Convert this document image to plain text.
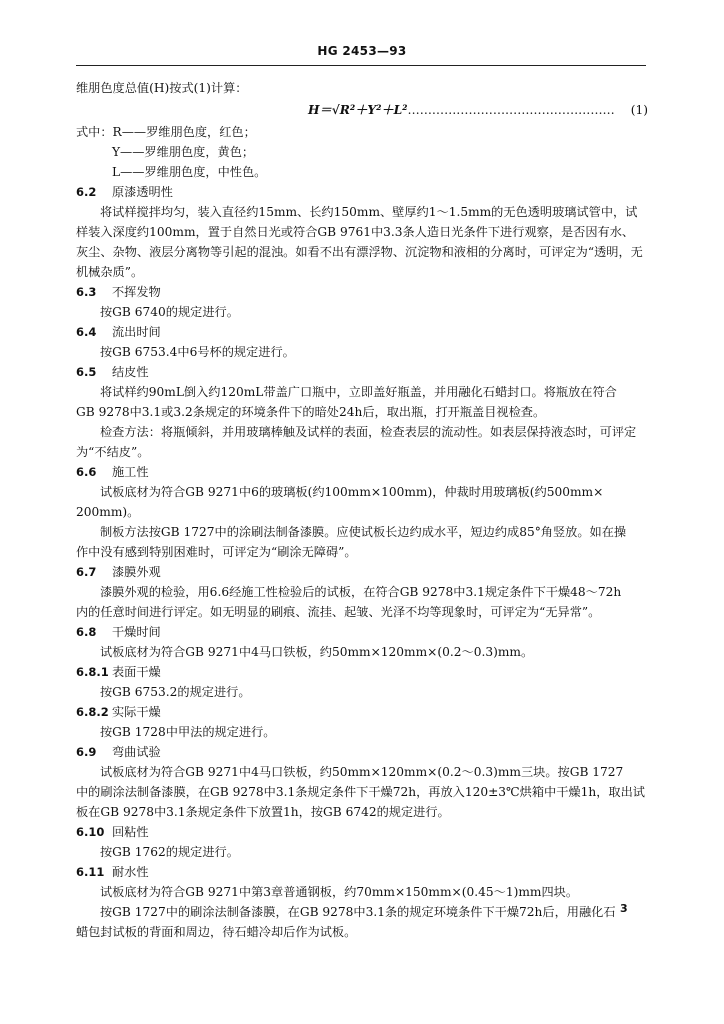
HG 2453—93
维朋色度总值(H)按式(1)计算：
H＝√R²＋Y²＋L²…………………………………………… (1)
式中：R——罗维朋色度，红色；
Y——罗维朋色度，黄色；
L——罗维朋色度，中性色。
6.2 原漆透明性
将试样搅拌均匀，装入直径约15mm、长约150mm、壁厚约1～1.5mm的无色透明玻璃试管中，试
样装入深度约100mm，置于自然日光或符合GB 9761中3.3条人造日光条件下进行观察，是否因有水、
灰尘、杂物、液层分离物等引起的混浊。如看不出有漂浮物、沉淀物和液相的分离时，可评定为“透明，无
机械杂质”。
6.3 不挥发物
按GB 6740的规定进行。
6.4 流出时间
按GB 6753.4中6号杯的规定进行。
6.5 结皮性
将试样约90mL倒入约120mL带盖广口瓶中，立即盖好瓶盖，并用融化石蜡封口。将瓶放在符合
GB 9278中3.1或3.2条规定的环境条件下的暗处24h后，取出瓶，打开瓶盖目视检查。
检查方法：将瓶倾斜，并用玻璃棒触及试样的表面，检查表层的流动性。如表层保持液态时，可评定
为“不结皮”。
6.6 施工性
试板底材为符合GB 9271中6的玻璃板(约100mm×100mm)，仲裁时用玻璃板(约500mm×
200mm)。
制板方法按GB 1727中的涂刷法制备漆膜。应使试板长边约成水平，短边约成85°角竖放。如在操
作中没有感到特别困难时，可评定为“刷涂无障碍”。
6.7 漆膜外观
漆膜外观的检验，用6.6经施工性检验后的试板，在符合GB 9278中3.1规定条件下干燥48～72h
内的任意时间进行评定。如无明显的刷痕、流挂、起皱、光泽不均等现象时，可评定为“无异常”。
6.8 干燥时间
试板底材为符合GB 9271中4马口铁板，约50mm×120mm×(0.2～0.3)mm。
6.8.1 表面干燥
按GB 6753.2的规定进行。
6.8.2 实际干燥
按GB 1728中甲法的规定进行。
6.9 弯曲试验
试板底材为符合GB 9271中4马口铁板，约50mm×120mm×(0.2～0.3)mm三块。按GB 1727
中的刷涂法制备漆膜，在GB 9278中3.1条规定条件下干燥72h，再放入120±3℃烘箱中干燥1h，取出试
板在GB 9278中3.1条规定条件下放置1h，按GB 6742的规定进行。
6.10 回粘性
按GB 1762的规定进行。
6.11 耐水性
试板底材为符合GB 9271中第3章普通钢板，约70mm×150mm×(0.45～1)mm四块。
按GB 1727中的刷涂法制备漆膜，在GB 9278中3.1条的规定环境条件下干燥72h后，用融化石
蜡包封试板的背面和周边，待石蜡冷却后作为试板。
3
